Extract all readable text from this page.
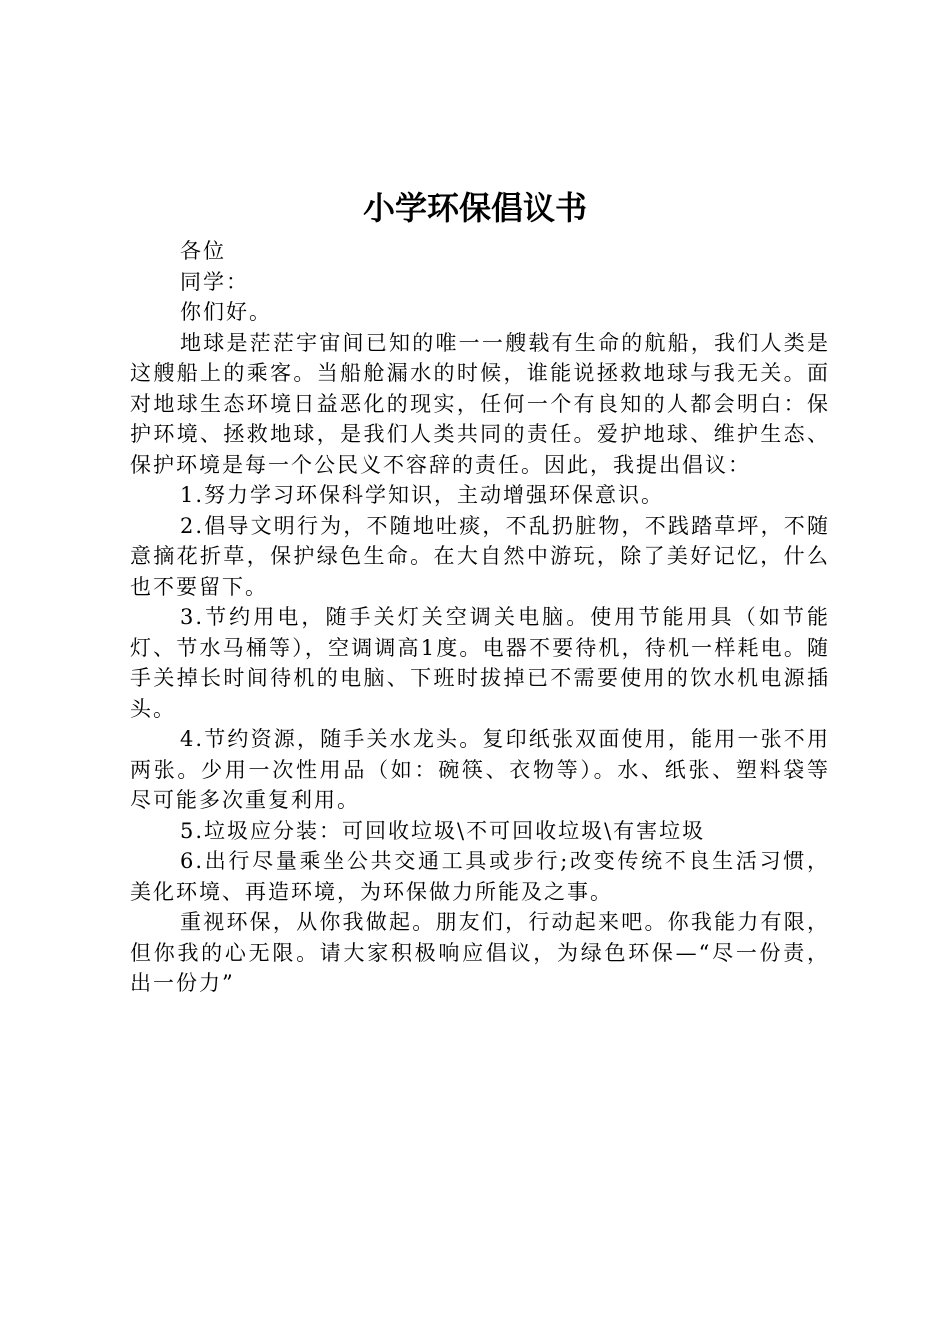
小学环保倡议书

各位

同学：

你们好。

地球是茫茫宇宙间已知的唯一一艘载有生命的航船，我们人类是这艘船上的乘客。当船舱漏水的时候，谁能说拯救地球与我无关。面对地球生态环境日益恶化的现实，任何一个有良知的人都会明白：保护环境、拯救地球，是我们人类共同的责任。爱护地球、维护生态、保护环境是每一个公民义不容辞的责任。因此，我提出倡议：

1.努力学习环保科学知识，主动增强环保意识。

2.倡导文明行为，不随地吐痰，不乱扔脏物，不践踏草坪，不随意摘花折草，保护绿色生命。在大自然中游玩，除了美好记忆，什么也不要留下。

3.节约用电，随手关灯关空调关电脑。使用节能用具（如节能灯、节水马桶等），空调调高1度。电器不要待机，待机一样耗电。随手关掉长时间待机的电脑、下班时拔掉已不需要使用的饮水机电源插头。

4.节约资源，随手关水龙头。复印纸张双面使用，能用一张不用两张。少用一次性用品（如：碗筷、衣物等）。水、纸张、塑料袋等尽可能多次重复利用。

5.垃圾应分装：可回收垃圾\不可回收垃圾\有害垃圾

6.出行尽量乘坐公共交通工具或步行;改变传统不良生活习惯，美化环境、再造环境，为环保做力所能及之事。

重视环保，从你我做起。朋友们，行动起来吧。你我能力有限，但你我的心无限。请大家积极响应倡议，为绿色环保—“尽一份责，出一份力”
